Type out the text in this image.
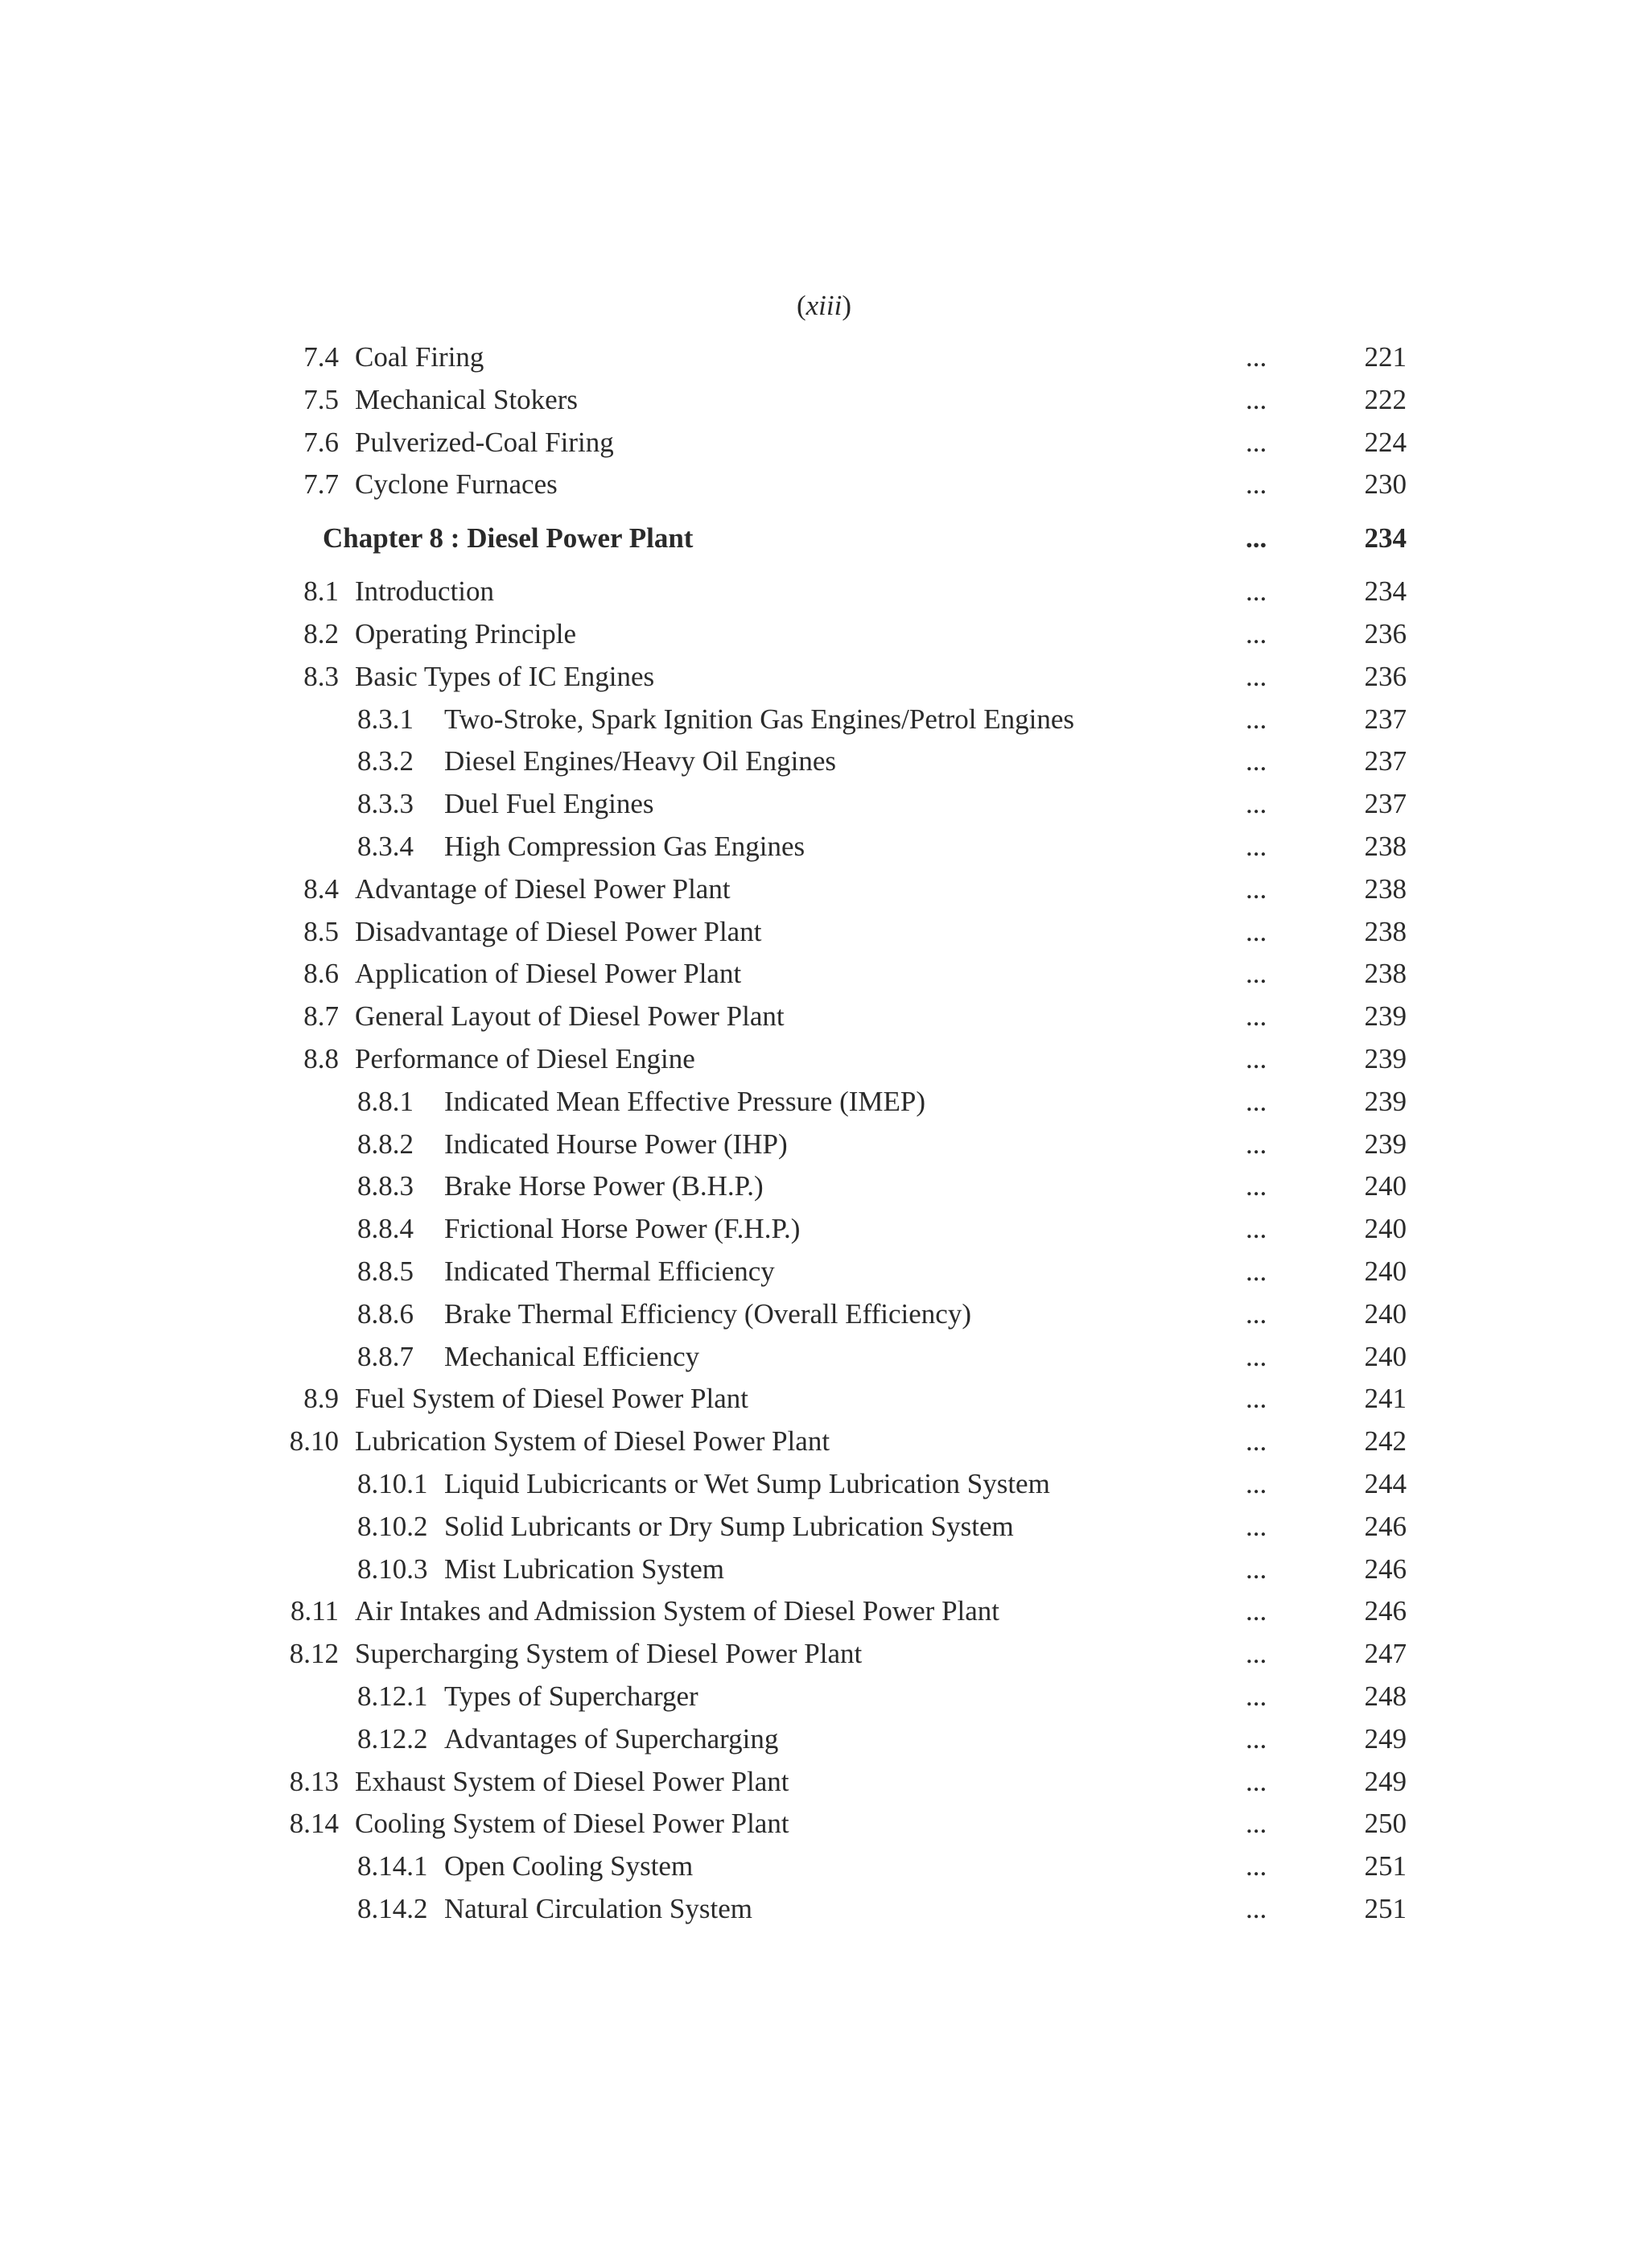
(xiii)
7.4 Coal Firing	...	221
7.5 Mechanical Stokers	...	222
7.6 Pulverized-Coal Firing	...	224
7.7 Cyclone Furnaces	...	230
Chapter 8 : Diesel Power Plant	...	234
8.1 Introduction	...	234
8.2 Operating Principle	...	236
8.3 Basic Types of IC Engines	...	236
8.3.1 Two-Stroke, Spark Ignition Gas Engines/Petrol Engines	...	237
8.3.2 Diesel Engines/Heavy Oil Engines	...	237
8.3.3 Duel Fuel Engines	...	237
8.3.4 High Compression Gas Engines	...	238
8.4 Advantage of Diesel Power Plant	...	238
8.5 Disadvantage of Diesel Power Plant	...	238
8.6 Application of Diesel Power Plant	...	238
8.7 General Layout of Diesel Power Plant	...	239
8.8 Performance of Diesel Engine	...	239
8.8.1 Indicated Mean Effective Pressure (IMEP)	...	239
8.8.2 Indicated Hourse Power (IHP)	...	239
8.8.3 Brake Horse Power (B.H.P.)	...	240
8.8.4 Frictional Horse Power (F.H.P.)	...	240
8.8.5 Indicated Thermal Efficiency	...	240
8.8.6 Brake Thermal Efficiency (Overall Efficiency)	...	240
8.8.7 Mechanical Efficiency	...	240
8.9 Fuel System of Diesel Power Plant	...	241
8.10 Lubrication System of Diesel Power Plant	...	242
8.10.1 Liquid Lubicricants or Wet Sump Lubrication System	...	244
8.10.2 Solid Lubricants or Dry Sump Lubrication System	...	246
8.10.3 Mist Lubrication System	...	246
8.11 Air Intakes and Admission System of Diesel Power Plant	...	246
8.12 Supercharging System of Diesel Power Plant	...	247
8.12.1 Types of Supercharger	...	248
8.12.2 Advantages of Supercharging	...	249
8.13 Exhaust System of Diesel Power Plant	...	249
8.14 Cooling System of Diesel Power Plant	...	250
8.14.1 Open Cooling System	...	251
8.14.2 Natural Circulation System	...	251
